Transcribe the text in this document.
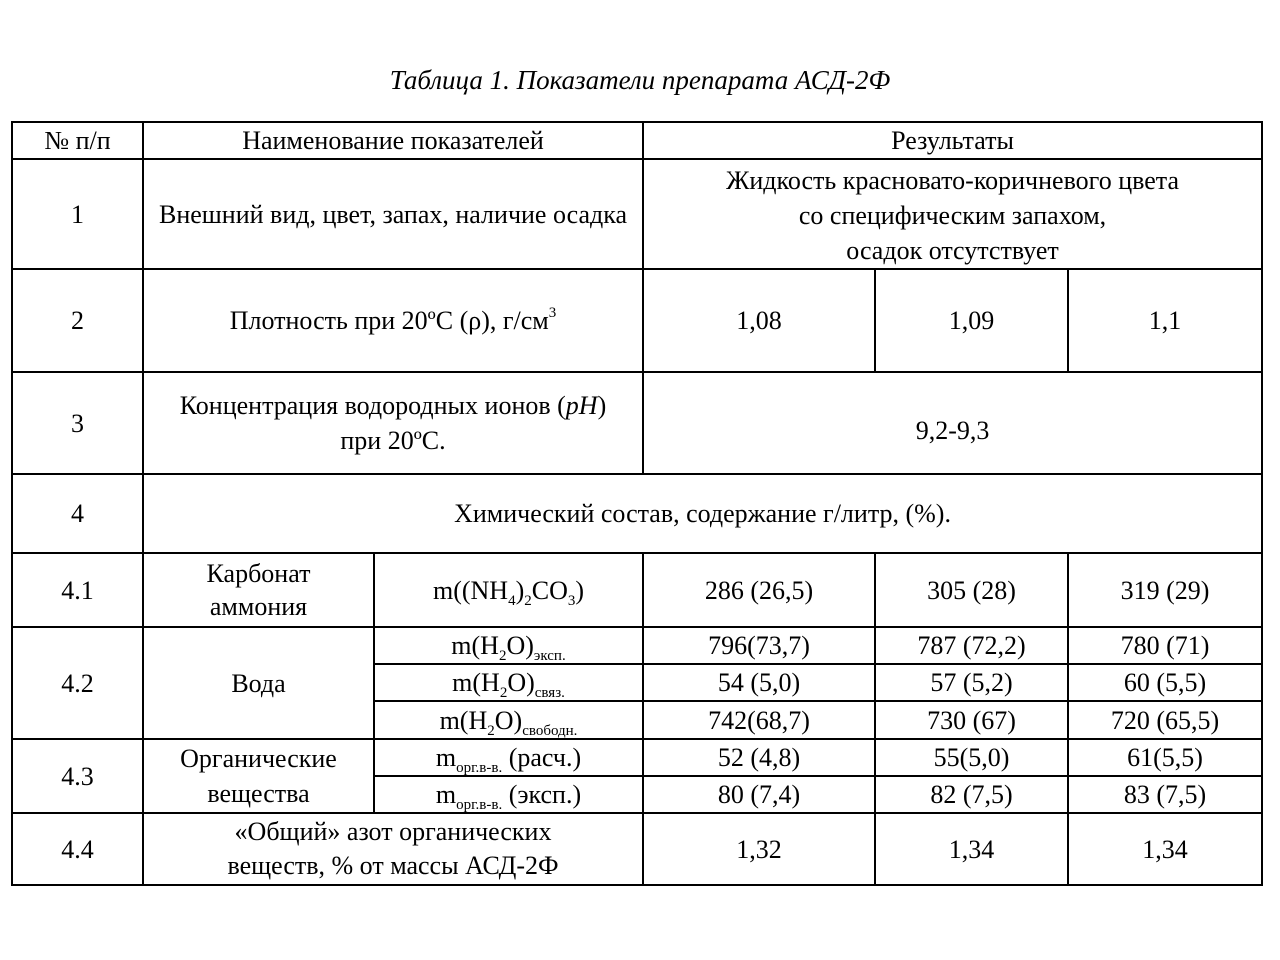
Таблица 1. Показатели препарата АСД-2Ф
№ п/п	Наименование показателей		Результаты		
1	Внешний вид, цвет, запах, наличие осадка		Жидкость красновато-коричневого цвета со специфическим запахом,
осадок отсутствует		

2	Плотность при 20ºС (ρ), $г/см^3$		1,08	1,09	1,1
3	Концентрация водородных ионов (pH) при 20ºС.		9,2-9,3		
4	Химический состав, содержание г/литр, (%).				
4.1	Карбонат аммония	$m((NH_4)_2CO_3)$	286 (26,5)	305 (28)	319 (29)
4.2	Вода	$m(H_2O)_{эксп.}$	796(73,7)	787 (72,2)	780 (71)
		$m(H_2O)_{связ.}$	54 (5,0)	57 (5,2)	60 (5,5)
		$m(H_2O)_{свободн.}$	742(68,7)	730 (67)	720 (65,5)
4.3	Органические вещества	$m_{орг.в-в.}$ (расч.)	52 (4,8)	55(5,0)	61(5,5)
		$m_{орг.в-в.}$ (эксп.)	80 (7,4)	82 (7,5)	83 (7,5)
4.4	«Общий» азот органических веществ, % от массы АСД-2Ф		1,32	1,34	1,34
